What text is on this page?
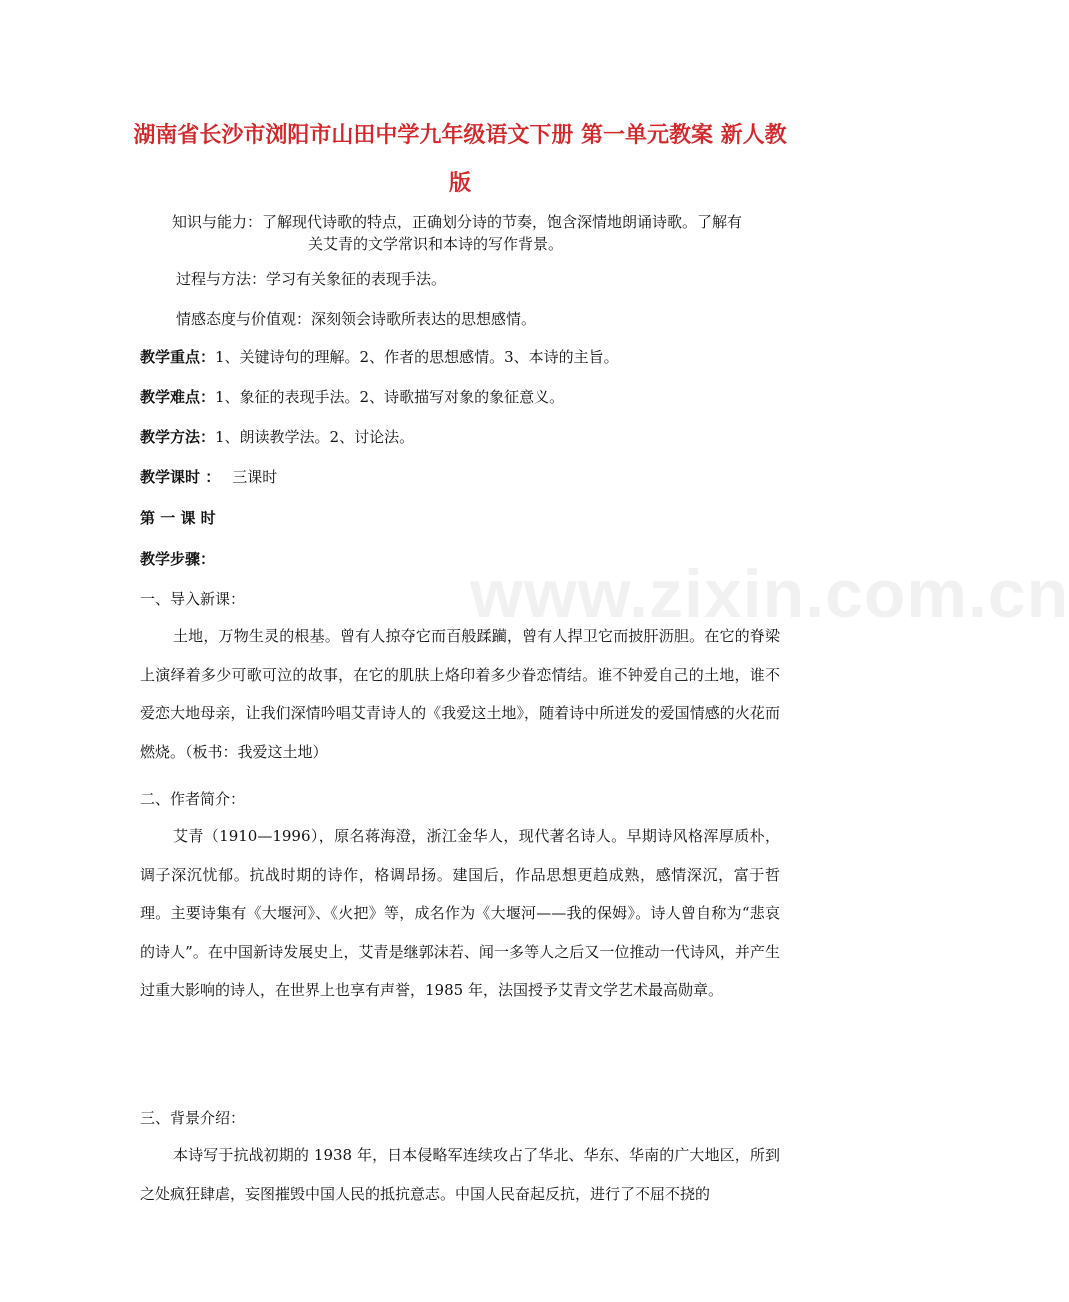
www.zixin.com.cn
湖南省长沙市浏阳市山田中学九年级语文下册 第一单元教案 新人教版
知识与能力：了解现代诗歌的特点，正确划分诗的节奏，饱含深情地朗诵诗歌。了解有
关艾青的文学常识和本诗的写作背景。
过程与方法：学习有关象征的表现手法。
情感态度与价值观：深刻领会诗歌所表达的思想感情。
教学重点：1、关键诗句的理解。2、作者的思想感情。3、本诗的主旨。
教学难点：1、象征的表现手法。2、诗歌描写对象的象征意义。
教学方法：1、朗读教学法。2、讨论法。
教学课时 ： 三课时
第 一 课 时
教学步骤：
一、导入新课：
土地，万物生灵的根基。曾有人掠夺它而百般蹂躏，曾有人捍卫它而披肝沥胆。在它的脊梁上演绎着多少可歌可泣的故事，在它的肌肤上烙印着多少眷恋情结。谁不钟爱自己的土地，谁不爱恋大地母亲，让我们深情吟唱艾青诗人的《我爱这土地》，随着诗中所迸发的爱国情感的火花而燃烧。（板书：我爱这土地）
二、作者简介：
艾青（1910—1996），原名蒋海澄，浙江金华人，现代著名诗人。早期诗风格浑厚质朴，调子深沉忧郁。抗战时期的诗作，格调昂扬。建国后，作品思想更趋成熟，感情深沉，富于哲理。主要诗集有《大堰河》、《火把》等，成名作为《大堰河——我的保姆》。诗人曾自称为“悲哀的诗人”。在中国新诗发展史上，艾青是继郭沫若、闻一多等人之后又一位推动一代诗风，并产生过重大影响的诗人，在世界上也享有声誉，1985 年，法国授予艾青文学艺术最高勋章。
三、背景介绍：
本诗写于抗战初期的 1938 年，日本侵略军连续攻占了华北、华东、华南的广大地区，所到之处疯狂肆虐，妄图摧毁中国人民的抵抗意志。中国人民奋起反抗，进行了不屈不挠的
